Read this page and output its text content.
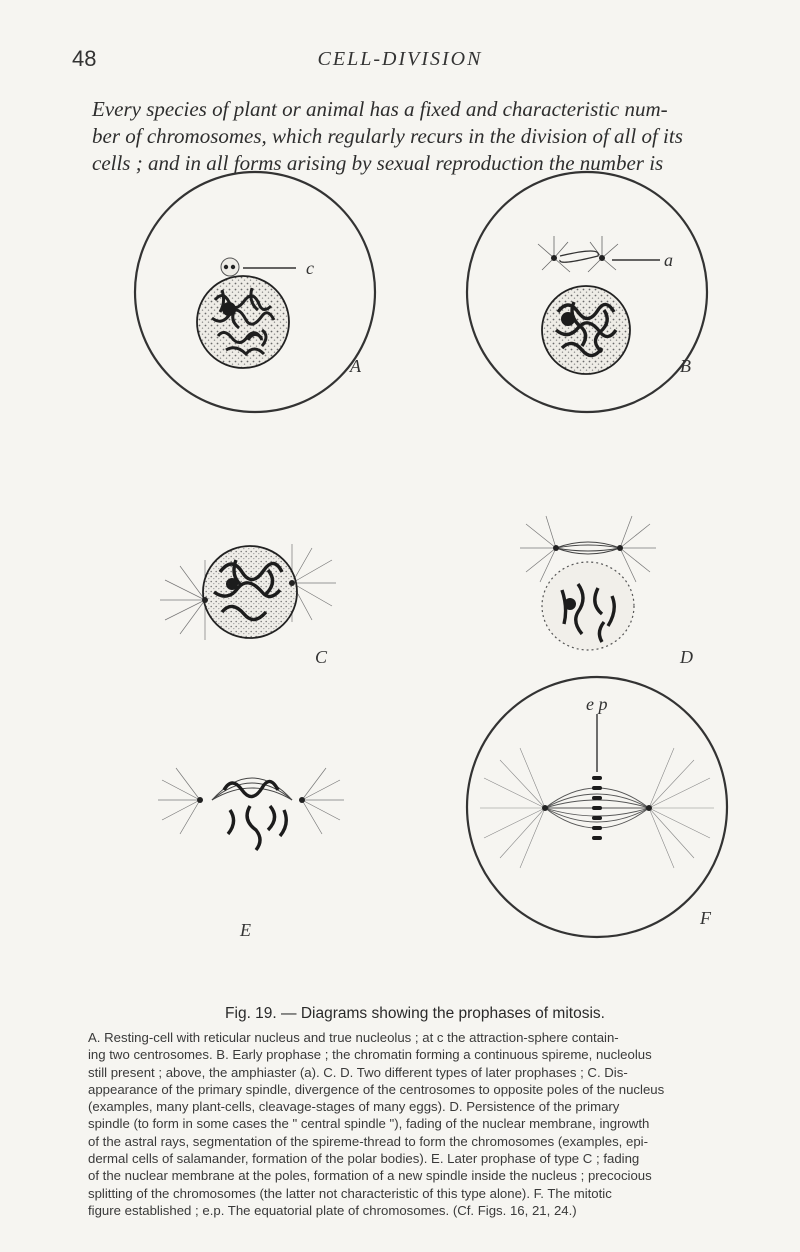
48	CELL-DIVISION
Every species of plant or animal has a fixed and characteristic num-
ber of chromosomes, which regularly recurs in the division of all of its
cells ; and in all forms arising by sexual reproduction the number is
c
A
a
B
C	D
E
e p
F

Fig. 19. — Diagrams showing the prophases of mitosis.

A. Resting-cell with reticular nucleus and true nucleolus ; at c the attraction-sphere contain-
ing two centrosomes. B. Early prophase ; the chromatin forming a continuous spireme, nucleolus
still present ; above, the amphiaster (a). C. D. Two different types of later prophases ; C. Dis-
appearance of the primary spindle, divergence of the centrosomes to opposite poles of the nucleus
(examples, many plant-cells, cleavage-stages of many eggs). D. Persistence of the primary
spindle (to form in some cases the " central spindle "), fading of the nuclear membrane, ingrowth
of the astral rays, segmentation of the spireme-thread to form the chromosomes (examples, epi-
dermal cells of salamander, formation of the polar bodies). E. Later prophase of type C ; fading
of the nuclear membrane at the poles, formation of a new spindle inside the nucleus ; precocious
splitting of the chromosomes (the latter not characteristic of this type alone). F. The mitotic
figure established ; e.p. The equatorial plate of chromosomes. (Cf. Figs. 16, 21, 24.)
